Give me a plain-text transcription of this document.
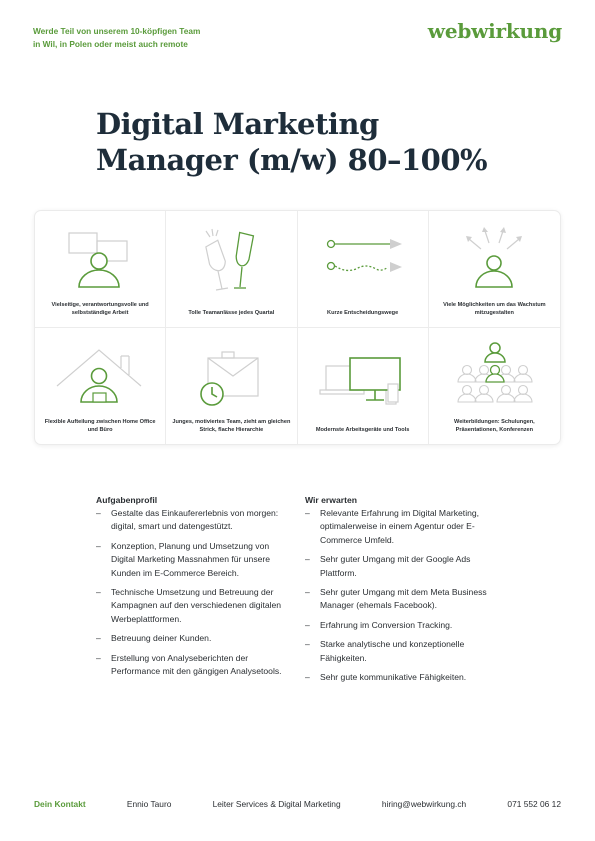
Werde Teil von unserem 10-köpfigen Team
in Wil, in Polen oder meist auch remote
webwirkung
Digital Marketing
Manager (m/w) 80–100%
Vielseitige, verantwortungsvolle und selbstständige Arbeit	Tolle Teamanlässe jedes Quartal	Kurze Entscheidungswege
Viele Möglichkeiten um das Wachstum mitzugestalten
Flexible Aufteilung zwischen Home Office und Büro
Junges, motiviertes Team, zieht am gleichen Strick, flache Hierarchie	Modernste Arbeitsgeräte und Tools
Weiterbildungen: Schulungen, Präsentationen, Konferenzen
Aufgabenprofil
– Gestalte das Einkaufererlebnis von morgen: digital, smart und datengestützt.
– Konzeption, Planung und Umsetzung von Digital Marketing Massnahmen für unsere Kunden im E-Commerce Bereich.
– Technische Umsetzung und Betreuung der Kampagnen auf den verschiedenen digitalen Werbeplattformen.
– Betreuung deiner Kunden.
– Erstellung von Analyseberichten der Performance mit den gängigen Analysetools.
Wir erwarten
– Relevante Erfahrung im Digital Marketing, optimalerweise in einem Agentur oder E-Commerce Umfeld.
– Sehr guter Umgang mit der Google Ads Plattform.
– Sehr guter Umgang mit dem Meta Business Manager (ehemals Facebook).
– Erfahrung im Conversion Tracking.
– Starke analytische und konzeptionelle Fähigkeiten.
– Sehr gute kommunikative Fähigkeiten.
Dein Kontakt	Ennio Tauro	Leiter Services & Digital Marketing	hiring@webwirkung.ch	071 552 06 12
